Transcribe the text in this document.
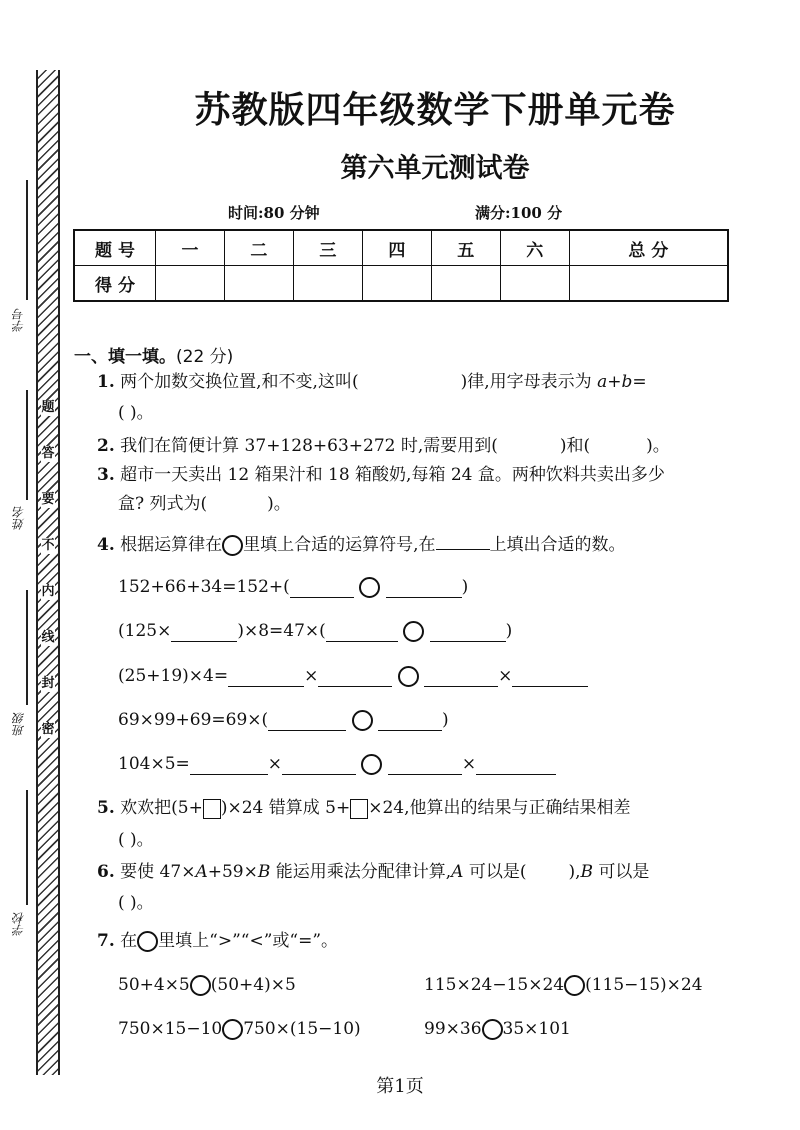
题
答
要
不
内
线
封
密
学号
姓名
班级
学校
苏教版四年级数学下册单元卷
第六单元测试卷
时间:80 分钟	满分:100 分
题 号	一	二	三	四	五	六	总 分
得 分							
一、填一填。(22 分)
1. 两个加数交换位置,和不变,这叫(	)律,用字母表示为 a+b=
( )。
2. 我们在简便计算 37+128+63+272 时,需要用到(	)和(	)。
3. 超市一天卖出 12 箱果汁和 18 箱酸奶,每箱 24 盒。两种饮料共卖出多少
盒? 列式为(	)。
4. 根据运算律在 里填上合适的运算符号,在	上填出合适的数。
152+66+34=152+(	)
(125×	)×8=47×(	)
(25+19)×4=	×	×
69×99+69=69×(	)
104×5=	×	×
5. 欢欢把(5+ )×24 错算成 5+ ×24,他算出的结果与正确结果相差
( )。
6. 要使 47×A+59×B 能运用乘法分配律计算,A 可以是( ),B 可以是
( )。
7. 在 里填上“>”“<”或“=”。
50+4×5 (50+4)×5	115×24−15×24 (115−15)×24
750×15−10 750×(15−10)	99×36 35×101
第1页
